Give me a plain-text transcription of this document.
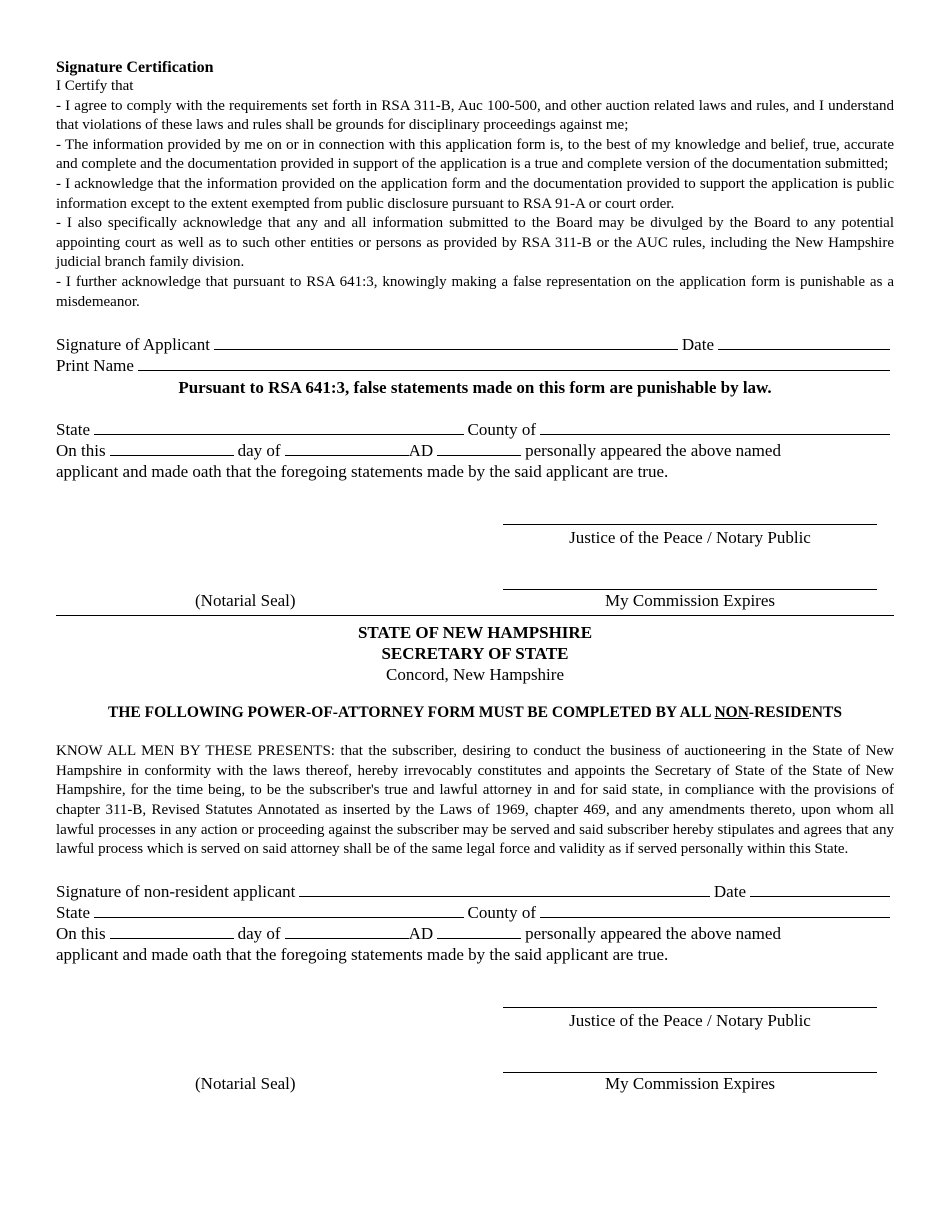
Signature Certification

I Certify that

- I agree to comply with the requirements set forth in RSA 311-B, Auc 100-500, and other auction related laws and rules, and I understand that violations of these laws and rules shall be grounds for disciplinary proceedings against me;

- The information provided by me on or in connection with this application form is, to the best of my knowledge and belief, true, accurate and complete and the documentation provided in support of the application is a true and complete version of the documentation submitted;

- I acknowledge that the information provided on the application form and the documentation provided to support the application is public information except to the extent exempted from public disclosure pursuant to RSA 91-A or court order.

- I also specifically acknowledge that any and all information submitted to the Board may be divulged by the Board to any potential appointing court as well as to such other entities or persons as provided by RSA 311-B or the AUC rules, including the New Hampshire judicial branch family division.

- I further acknowledge that pursuant to RSA 641:3, knowingly making a false representation on the application form is punishable as a misdemeanor.

Signature of Applicant	Date
Print Name

Pursuant to RSA 641:3, false statements made on this form are punishable by law.

State	County of
On this	day of	AD	personally appeared the above named

applicant and made oath that the foregoing statements made by the said applicant are true.

Justice of the Peace / Notary Public
(Notarial Seal)	My Commission Expires

STATE OF NEW HAMPSHIRE

SECRETARY OF STATE

Concord, New Hampshire

THE FOLLOWING POWER-OF-ATTORNEY FORM MUST BE COMPLETED BY ALL NON-RESIDENTS

KNOW ALL MEN BY THESE PRESENTS: that the subscriber, desiring to conduct the business of auctioneering in the State of New Hampshire in conformity with the laws thereof, hereby irrevocably constitutes and appoints the Secretary of State of the State of New Hampshire, for the time being, to be the subscriber's true and lawful attorney in and for said state, in compliance with the provisions of chapter 311-B, Revised Statutes Annotated as inserted by the Laws of 1969, chapter 469, and any amendments thereto, upon whom all lawful processes in any action or proceeding against the subscriber may be served and said subscriber hereby stipulates and agrees that any lawful process which is served on said attorney shall be of the same legal force and validity as if served personally within this State.

Signature of non-resident applicant	Date
State	County of
On this	day of	AD	personally appeared the above named

applicant and made oath that the foregoing statements made by the said applicant are true.

Justice of the Peace / Notary Public
(Notarial Seal)	My Commission Expires
